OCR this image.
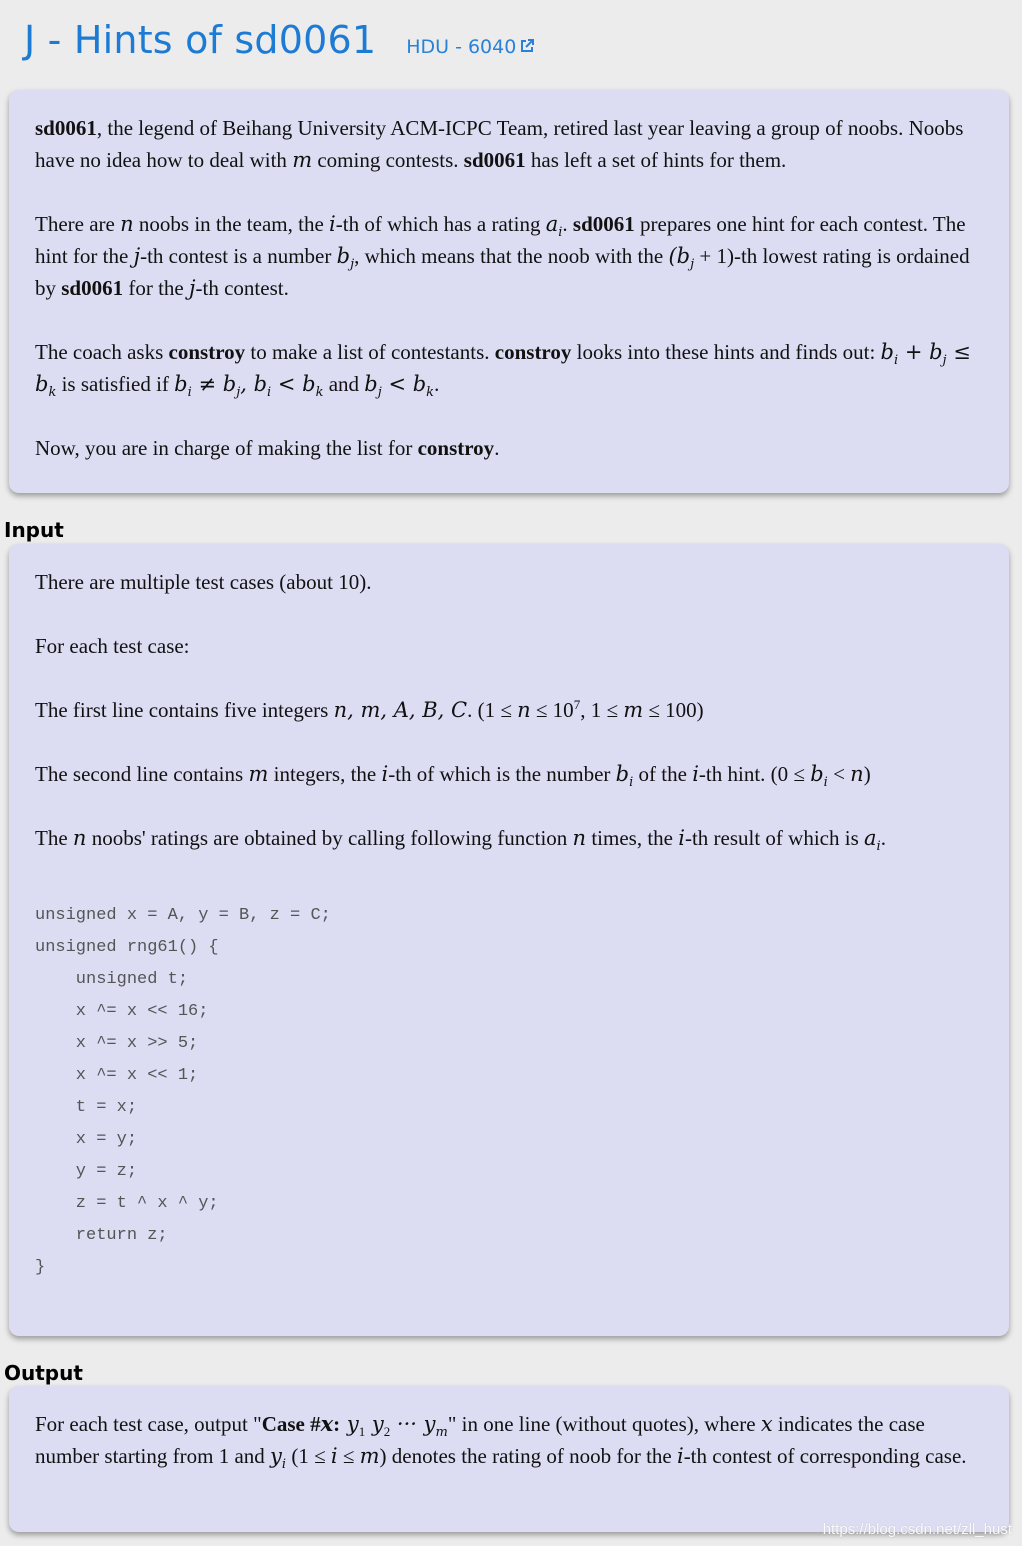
J - Hints of sd0061 HDU - 6040

sd0061, the legend of Beihang University ACM-ICPC Team, retired last year leaving a group of noobs. Noobs have no idea how to deal with m coming contests. sd0061 has left a set of hints for them.

There are n noobs in the team, the i-th of which has a rating $a_i$. sd0061 prepares one hint for each contest. The hint for the j-th contest is a number $b_j$, which means that the noob with the $(b_j + 1)-th$ lowest rating is ordained by sd0061 for the j-th contest.

The coach asks constroy to make a list of contestants. constroy looks into these hints and finds out: $b_i + b_j \le b_k$ is satisfied if $b_i \ne b_j$, $b_i < b_k$ and $b_j < b_k$.

Now, you are in charge of making the list for constroy.

Input

There are multiple test cases (about 10).

For each test case:

The first line contains five integers n, m, A, B, C. ($1 \le n \le 10^7$, 1 ≤ m ≤ 100)

The second line contains m integers, the i-th of which is the number $b_i$ of the i-th hint. $(0 \le b_i < n)$

The n noobs' ratings are obtained by calling following function n times, the i-th result of which is $a_i$.

unsigned x = A, y = B, z = C;
unsigned rng61() {
unsigned t;
x ^= x << 16;
x ^= x >> 5;
x ^= x << 1;
t = x;
x = y;
y = z;
z = t ^ x ^ y;
return z;
}
Output

For each test case, output "Case #x: $y_1$ $y_2$ ··· $y_m$" in one line (without quotes), where x indicates the case number starting from 1 and $y_i$ (1 ≤ i ≤ m) denotes the rating of noob for the i-th contest of corresponding case.

https://blog.csdn.net/zll_hust
